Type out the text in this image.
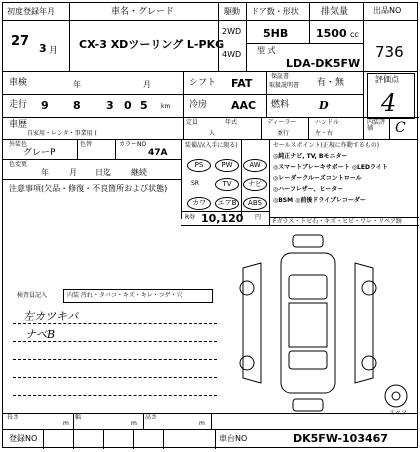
初度登録年月
27 3 月
車名・グレード
CX-3 XDツーリング L-PKG
駆動
2WD
4WD
ドア数・形状
5HB
排気量
1500 cc
型 式
LDA-DK5FW
出品NO
736
車検	年	月	シフト FAT
保証書
取扱説明書 有・無
走行 9 8 3 0 5 km 冷房 AAC 燃料	D
評価点
4
車歴
自家用・レンタ・事業用 (
定員
人
年式	ディーラー
並行
ハンドル
左・右
内装評価	C
外装色
グレーP
色替	カラーNO
47A
色変更
年	月 日迄	継続
注意事項(欠品・修復・不良箇所および状態)
装備品(入手に限る)
PS	PW	AW
SR	TV	ナビ
カワ	エアB	ABS
R券 10,120 円
セールスポイント(正規に作動するもの)
◎純正ナビ, TV, Bモニター
◎スマートブレーキサポート ◎LEDライト
◎レーダークルーズコントロール
◎ハーフレザー、ヒーター
◎BSM ◎前後ドライブレコーダー
Fガラス・トビ石・キズ・ヒビ・ワレ・リペア跡
スペア
検査員記入	内装 汚れ・タバコ・キズ・キレ・コゲ・穴
左カツキバ
ナベB
長さ
m
幅
m
高さ
m
登録NO	車台NO	DK5FW-103467
